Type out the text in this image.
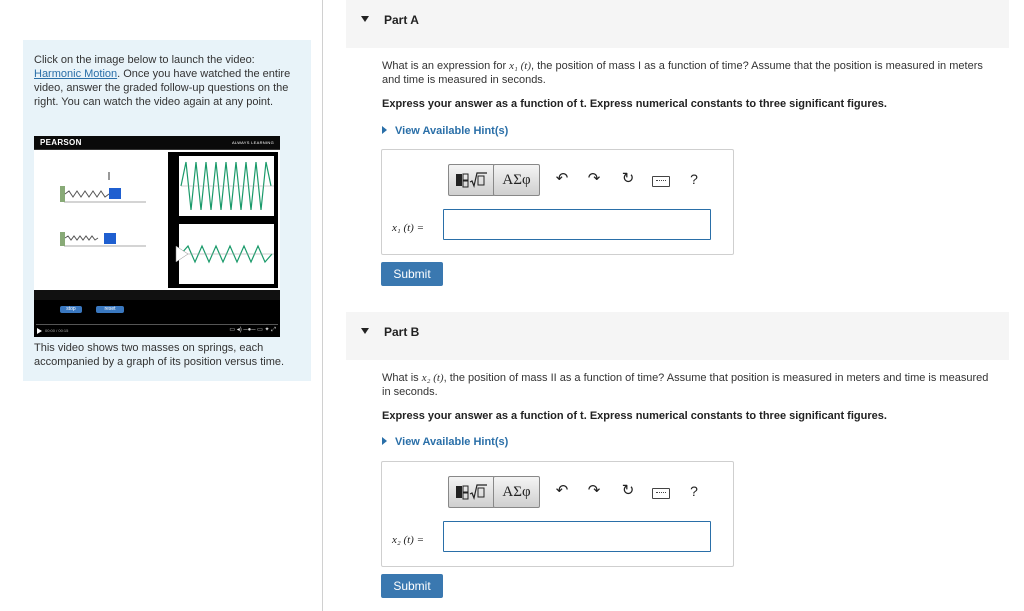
Click on the image below to launch the video: Harmonic Motion. Once you have watched the entire video, answer the graded follow-up questions on the right. You can watch the video again at any point.
PEARSON	ALWAYS LEARNING
stop	reset
00:00 / 00:15	▭ ◂) ─●─ ▭ ✦ ⤢
This video shows two masses on springs, each accompanied by a graph of its position versus time.
Part A
What is an expression for x₁ (t), the position of mass I as a function of time? Assume that the position is measured in meters and time is measured in seconds.
Express your answer as a function of t. Express numerical constants to three significant figures.
View Available Hint(s)
ΑΣφ	↶ ↷ ↻	?
x₁ (t) =
Submit
Part B
What is x₂ (t), the position of mass II as a function of time? Assume that position is measured in meters and time is measured in seconds.
Express your answer as a function of t. Express numerical constants to three significant figures.
View Available Hint(s)
ΑΣφ	↶ ↷ ↻	?
x₂ (t) =
Submit
